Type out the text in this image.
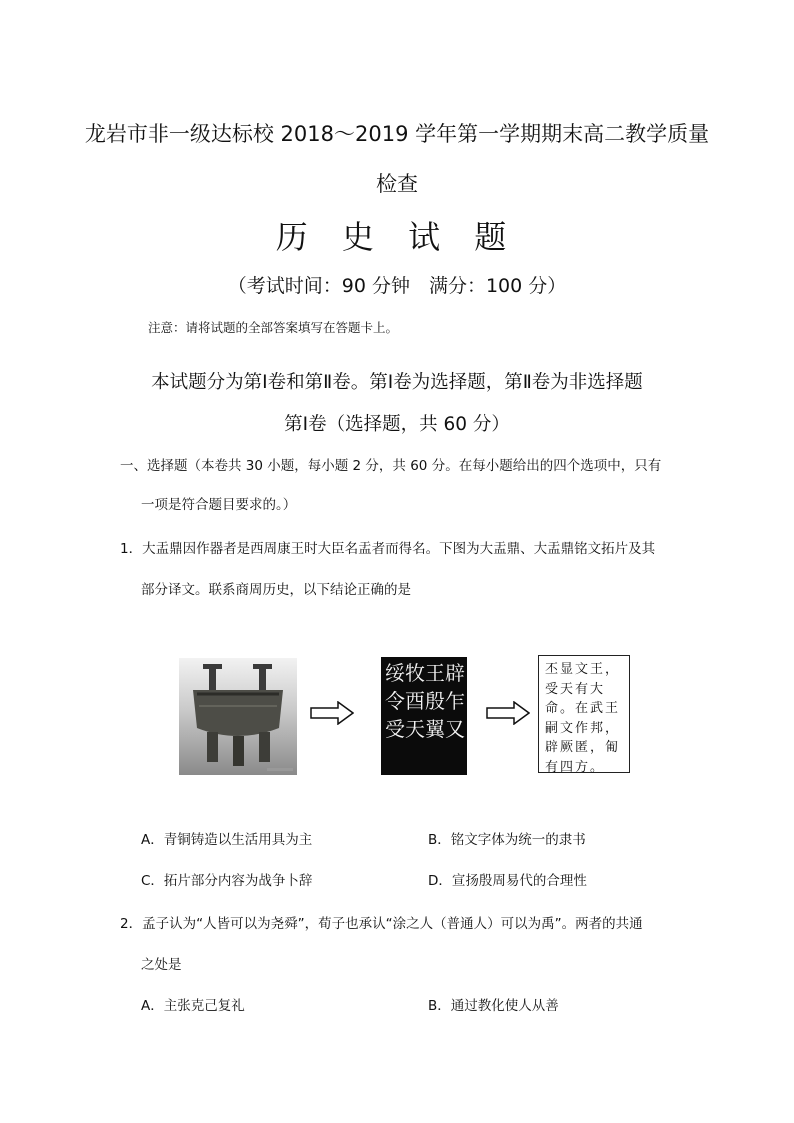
龙岩市非一级达标校 2018～2019 学年第一学期期末高二教学质量
检查
历 史 试 题
（考试时间：90 分钟　满分：100 分）
注意：请将试题的全部答案填写在答题卡上。
本试题分为第Ⅰ卷和第Ⅱ卷。第Ⅰ卷为选择题，第Ⅱ卷为非选择题
第Ⅰ卷（选择题，共 60 分）
一、选择题（本卷共 30 小题，每小题 2 分，共 60 分。在每小题给出的四个选项中，只有
一项是符合题目要求的。）
1．大盂鼎因作器者是西周康王时大臣名盂者而得名。下图为大盂鼎、大盂鼎铭文拓片及其
部分译文。联系商周历史，以下结论正确的是
绥
令
受
牧
酉
天
王
殷
翼
辟
乍
又
丕显文王，
受天有大
命。在武王
嗣文作邦，
辟厥匿，匍
有四方。
A．青铜铸造以生活用具为主	B．铭文字体为统一的隶书
C．拓片部分内容为战争卜辞	D．宣扬殷周易代的合理性
2．孟子认为“人皆可以为尧舜”，荀子也承认“涂之人（普通人）可以为禹”。两者的共通
之处是
A．主张克己复礼	B．通过教化使人从善
